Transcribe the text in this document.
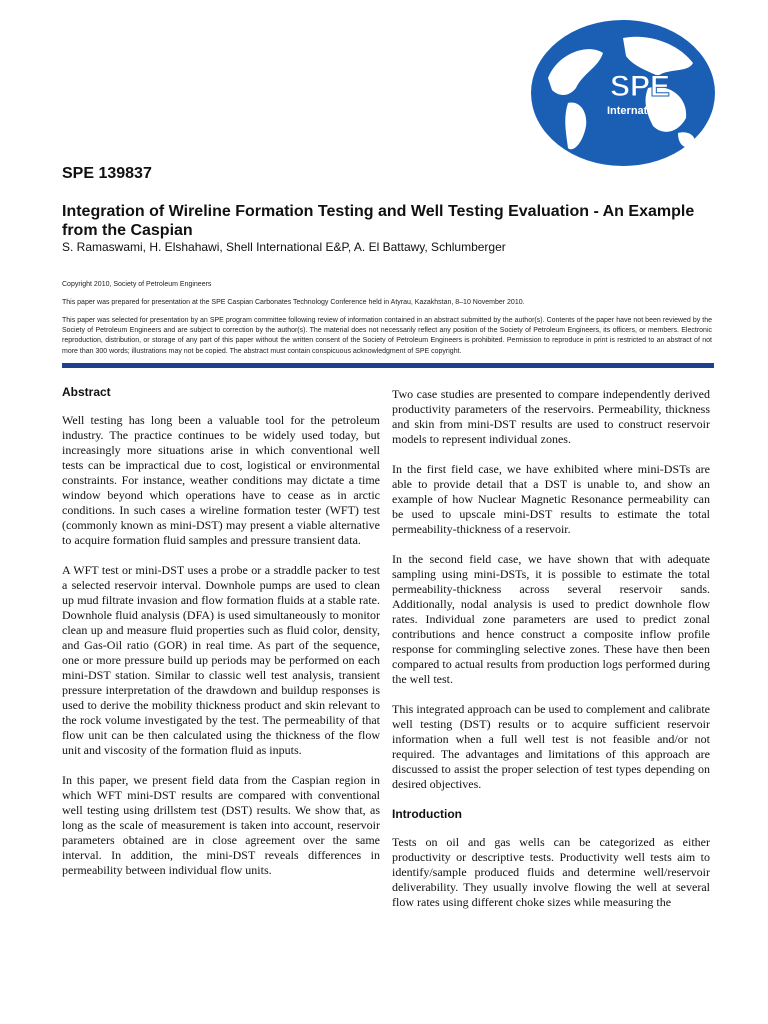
SPE
International
SPE 139837
Integration of Wireline Formation Testing and Well Testing Evaluation - An Example from the Caspian

S. Ramaswami, H. Elshahawi, Shell International E&P, A. El Battawy, Schlumberger

Copyright 2010, Society of Petroleum Engineers

This paper was prepared for presentation at the SPE Caspian Carbonates Technology Conference held in Atyrau, Kazakhstan, 8–10 November 2010.

This paper was selected for presentation by an SPE program committee following review of information contained in an abstract submitted by the author(s). Contents of the paper have not been reviewed by the Society of Petroleum Engineers and are subject to correction by the author(s). The material does not necessarily reflect any position of the Society of Petroleum Engineers, its officers, or members. Electronic reproduction, distribution, or storage of any part of this paper without the written consent of the Society of Petroleum Engineers is prohibited. Permission to reproduce in print is restricted to an abstract of not more than 300 words; illustrations may not be copied. The abstract must contain conspicuous acknowledgment of SPE copyright.

Abstract

Well testing has long been a valuable tool for the petroleum industry. The practice continues to be widely used today, but increasingly more situations arise in which conventional well tests can be impractical due to cost, logistical or environmental constraints. For instance, weather conditions may dictate a time window beyond which operations have to cease as in arctic conditions. In such cases a wireline formation tester (WFT) test (commonly known as mini-DST) may present a viable alternative to acquire formation fluid samples and pressure transient data.

A WFT test or mini-DST uses a probe or a straddle packer to test a selected reservoir interval. Downhole pumps are used to clean up mud filtrate invasion and flow formation fluids at a stable rate. Downhole fluid analysis (DFA) is used simultaneously to monitor clean up and measure fluid properties such as fluid color, density, and Gas-Oil ratio (GOR) in real time. As part of the sequence, one or more pressure build up periods may be performed on each mini-DST station. Similar to classic well test analysis, transient pressure interpretation of the drawdown and buildup responses is used to derive the mobility thickness product and skin relevant to the rock volume investigated by the test. The permeability of that flow unit can be then calculated using the thickness of the flow unit and viscosity of the formation fluid as inputs.

In this paper, we present field data from the Caspian region in which WFT mini-DST results are compared with conventional well testing using drillstem test (DST) results. We show that, as long as the scale of measurement is taken into account, reservoir parameters obtained are in close agreement over the same interval. In addition, the mini-DST reveals differences in permeability between individual flow units.

Two case studies are presented to compare independently derived productivity parameters of the reservoirs. Permeability, thickness and skin from mini-DST results are used to construct reservoir models to represent individual zones.

In the first field case, we have exhibited where mini-DSTs are able to provide detail that a DST is unable to, and show an example of how Nuclear Magnetic Resonance permeability can be used to upscale mini-DST results to estimate the total permeability-thickness of a reservoir.

In the second field case, we have shown that with adequate sampling using mini-DSTs, it is possible to estimate the total permeability-thickness across several reservoir sands. Additionally, nodal analysis is used to predict downhole flow rates. Individual zone parameters are used to predict zonal contributions and hence construct a composite inflow profile response for commingling selective zones. These have then been compared to actual results from production logs performed during the well test.

This integrated approach can be used to complement and calibrate well testing (DST) results or to acquire sufficient reservoir information when a full well test is not feasible and/or not required. The advantages and limitations of this approach are discussed to assist the proper selection of test types depending on desired objectives.

Introduction

Tests on oil and gas wells can be categorized as either productivity or descriptive tests. Productivity well tests aim to identify/sample produced fluids and determine well/reservoir deliverability. They usually involve flowing the well at several flow rates using different choke sizes while measuring the
